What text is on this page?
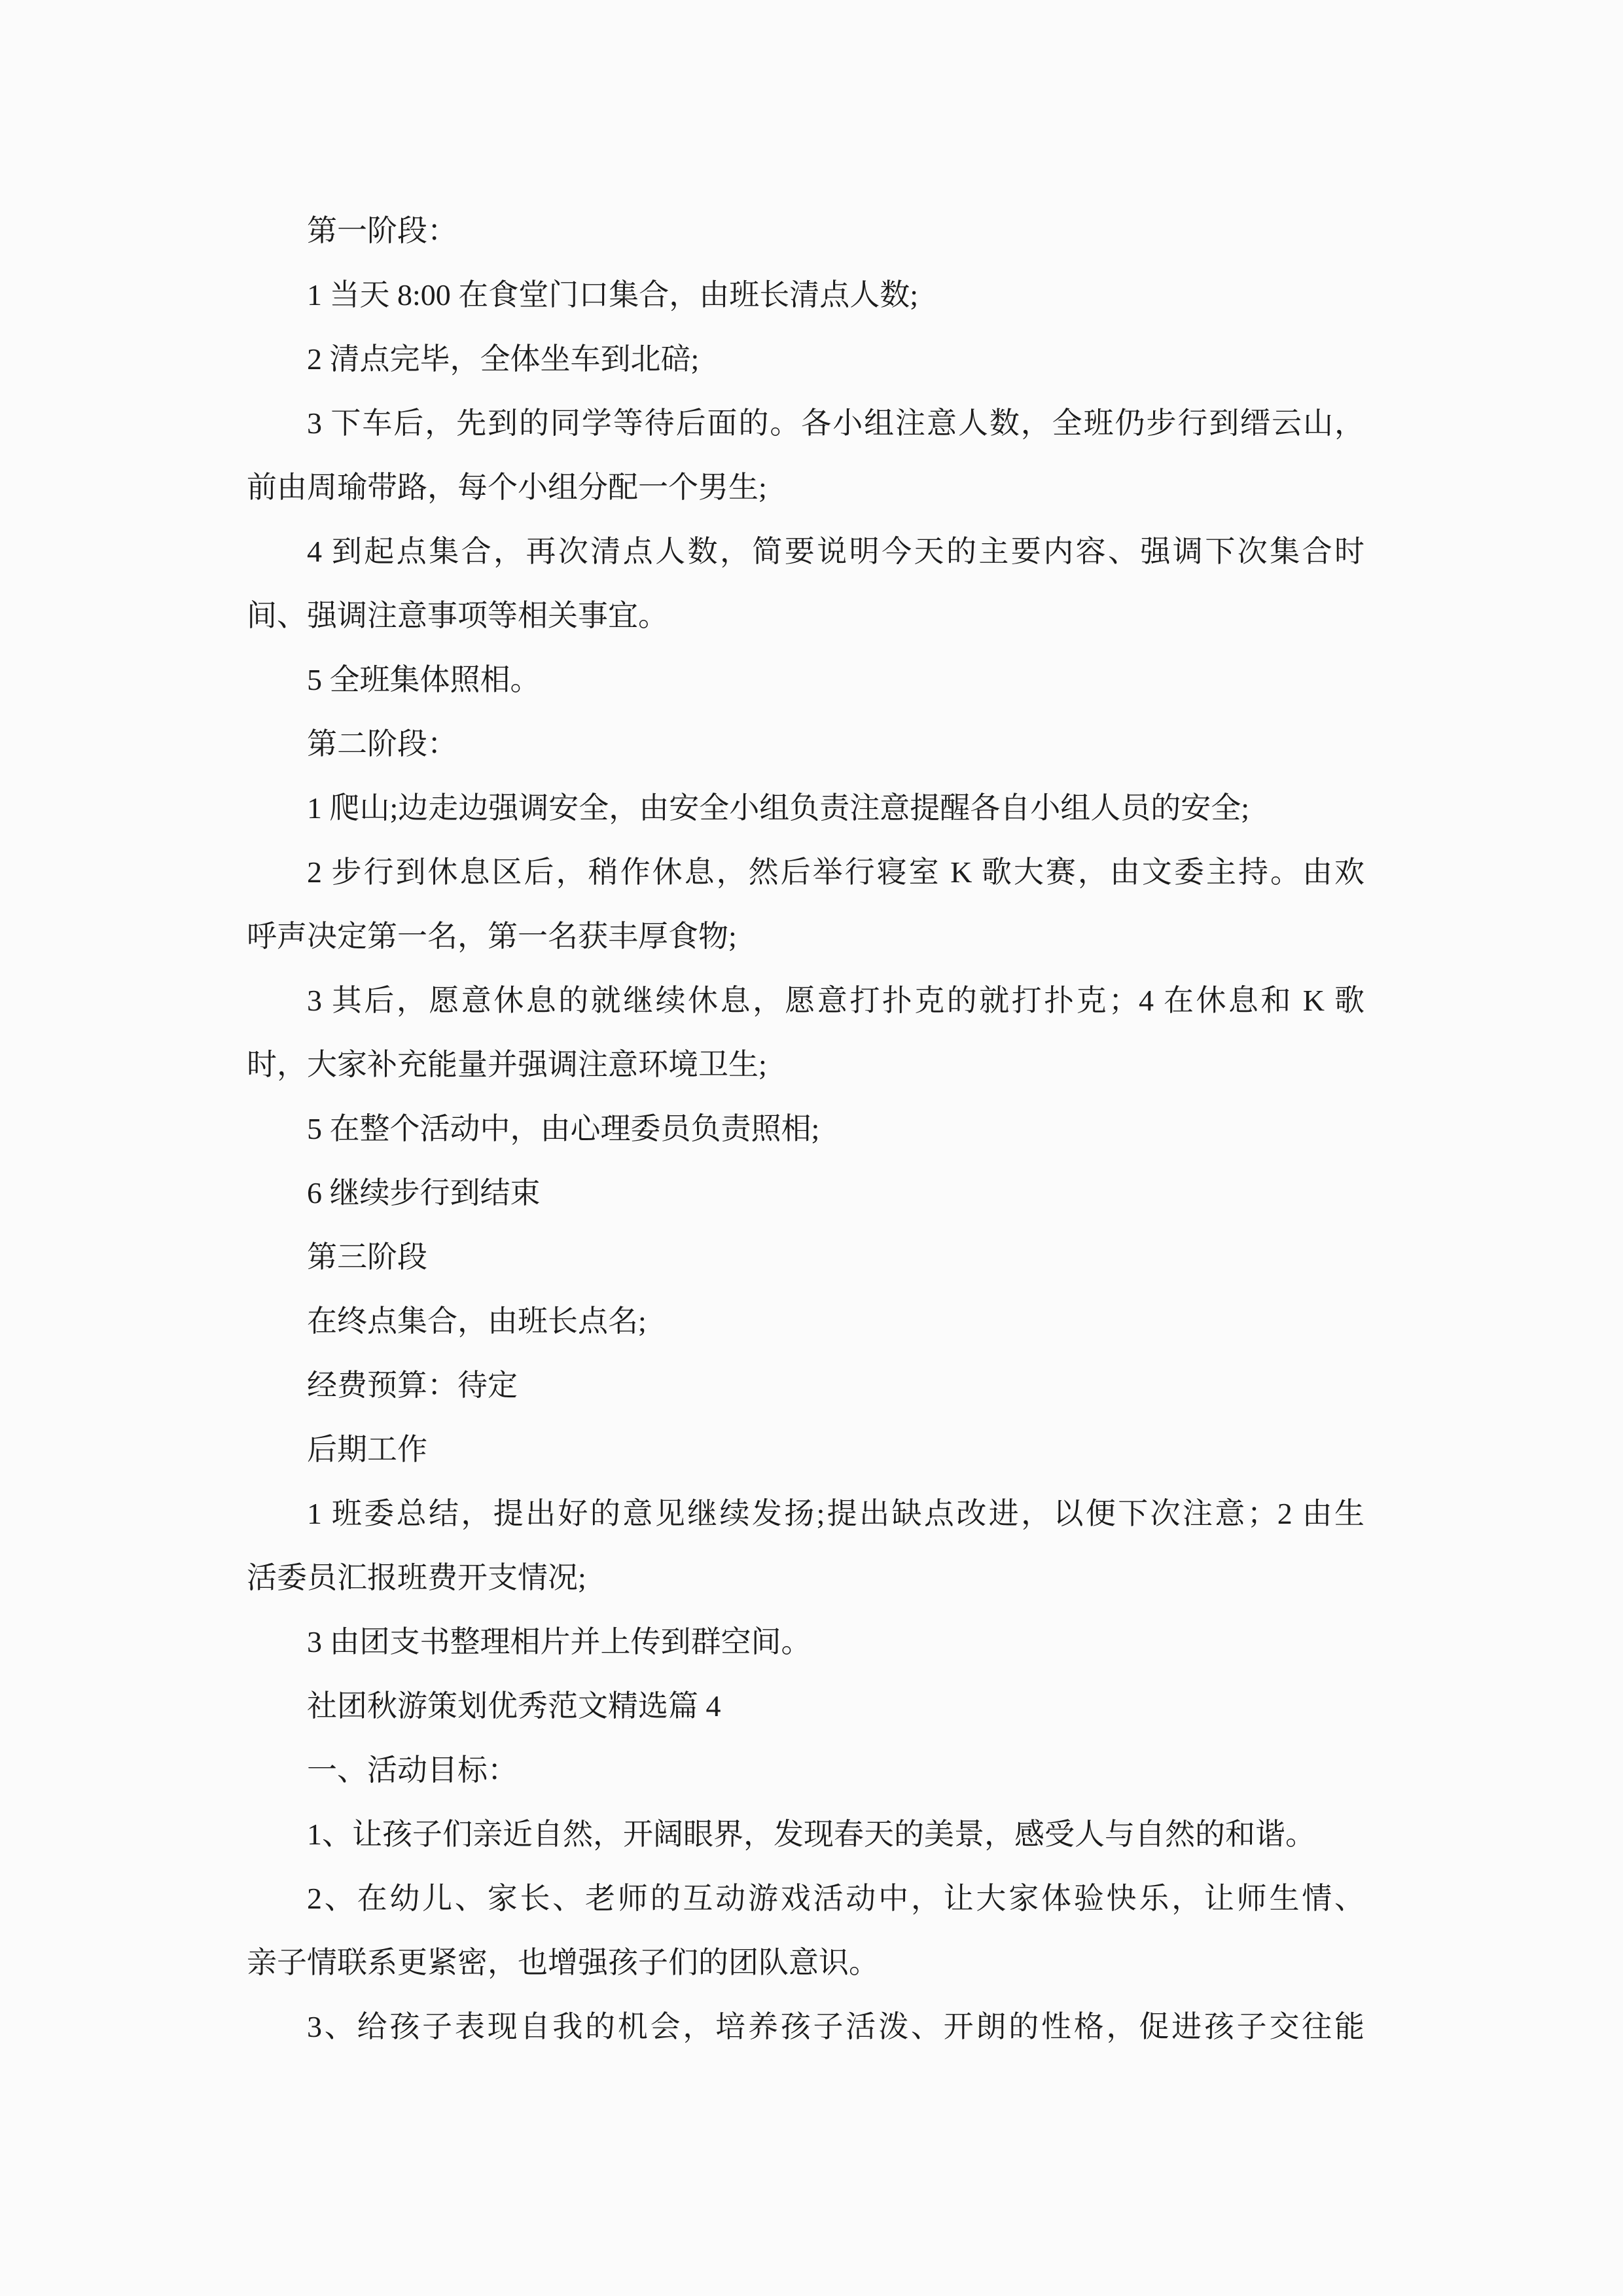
第一阶段：

1 当天 8:00 在食堂门口集合，由班长清点人数;

2 清点完毕，全体坐车到北碚;

3 下车后，先到的同学等待后面的。各小组注意人数，全班仍步行到缙云山，

前由周瑜带路，每个小组分配一个男生;

4 到起点集合，再次清点人数，简要说明今天的主要内容、强调下次集合时

间、强调注意事项等相关事宜。

5 全班集体照相。

第二阶段：

1 爬山;边走边强调安全，由安全小组负责注意提醒各自小组人员的安全;

2 步行到休息区后，稍作休息，然后举行寝室 K 歌大赛，由文委主持。由欢

呼声决定第一名，第一名获丰厚食物;

3 其后，愿意休息的就继续休息，愿意打扑克的就打扑克；4 在休息和 K 歌

时，大家补充能量并强调注意环境卫生;

5 在整个活动中，由心理委员负责照相;

6 继续步行到结束

第三阶段

在终点集合，由班长点名;

经费预算：待定

后期工作

1 班委总结，提出好的意见继续发扬;提出缺点改进，以便下次注意；2 由生

活委员汇报班费开支情况;

3 由团支书整理相片并上传到群空间。

社团秋游策划优秀范文精选篇 4

一、活动目标：

1、让孩子们亲近自然，开阔眼界，发现春天的美景，感受人与自然的和谐。

2、在幼儿、家长、老师的互动游戏活动中，让大家体验快乐，让师生情、

亲子情联系更紧密，也增强孩子们的团队意识。

3、给孩子表现自我的机会，培养孩子活泼、开朗的性格，促进孩子交往能
